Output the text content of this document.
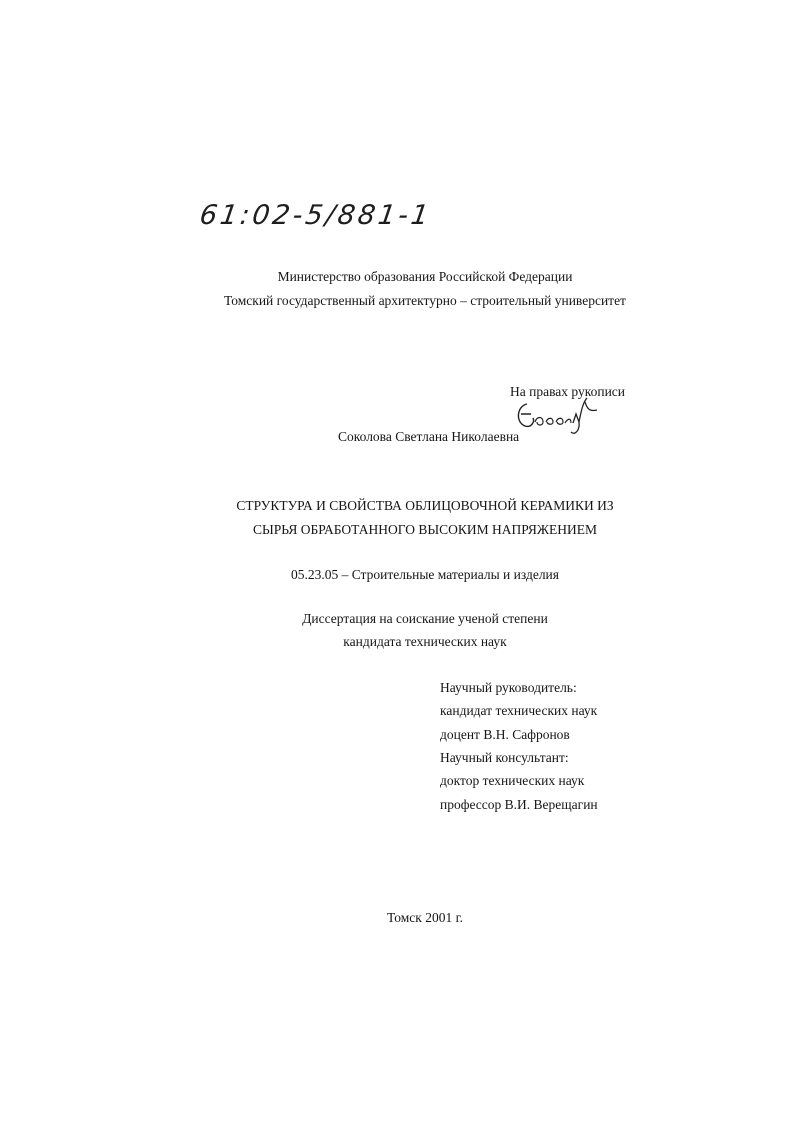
61:02-5/881-1
Министерство образования Российской Федерации
Томский государственный архитектурно – строительный университет
На правах рукописи
Соколова Светлана Николаевна
СТРУКТУРА И СВОЙСТВА ОБЛИЦОВОЧНОЙ КЕРАМИКИ ИЗ
СЫРЬЯ ОБРАБОТАННОГО ВЫСОКИМ НАПРЯЖЕНИЕМ
05.23.05 – Строительные материалы и изделия
Диссертация на соискание ученой степени
кандидата технических наук
Научный руководитель:
кандидат технических наук
доцент В.Н. Сафронов
Научный консультант:
доктор технических наук
профессор В.И. Верещагин
Томск 2001 г.
